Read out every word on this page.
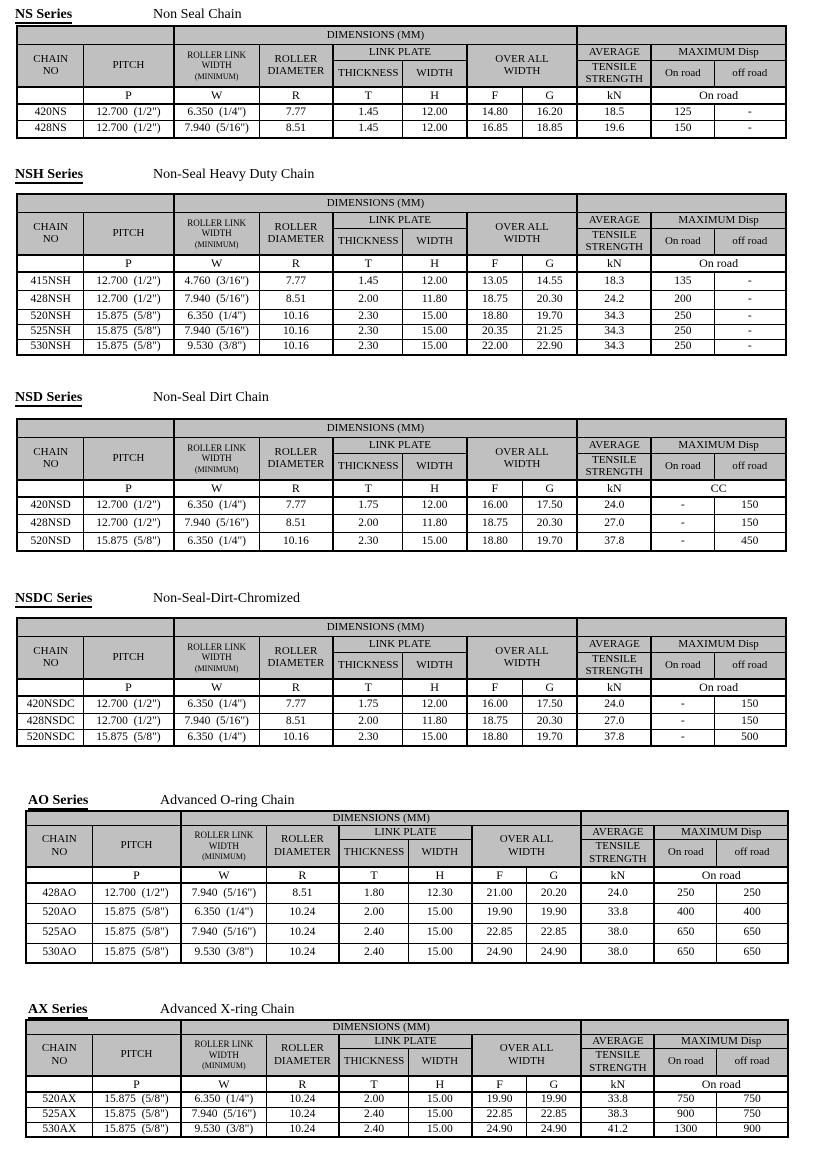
NS Series	Non Seal Chain
		DIMENSIONS (MM)								
CHAIN
NO	PITCH	ROLLER LINK
WIDTH
(MINIMUM)	ROLLER
DIAMETER	LINK PLATE		OVER ALL
WIDTH		AVERAGE	MAXIMUM Disp	
				THICKNESS	WIDTH			TENSILE
STRENGTH		
									On road	off road
	P	W	R	T	H	F	G	kN	On road	
420NS	12.700  (1/2")	6.350  (1/4")	7.77	1.45	12.00	14.80	16.20	18.5	125	-
428NS	12.700  (1/2")	7.940  (5/16")	8.51	1.45	12.00	16.85	18.85	19.6	150	-
NSH Series	Non-Seal Heavy Duty Chain
		DIMENSIONS (MM)								
CHAIN
NO	PITCH	ROLLER LINK
WIDTH
(MINIMUM)	ROLLER
DIAMETER	LINK PLATE		OVER ALL
WIDTH		AVERAGE	MAXIMUM Disp	
				THICKNESS	WIDTH			TENSILE
STRENGTH		
									On road	off road
	P	W	R	T	H	F	G	kN	On road	
415NSH	12.700  (1/2")	4.760  (3/16")	7.77	1.45	12.00	13.05	14.55	18.3	135	-
428NSH	12.700  (1/2")	7.940  (5/16")	8.51	2.00	11.80	18.75	20.30	24.2	200	-
520NSH	15.875  (5/8")	6.350  (1/4")	10.16	2.30	15.00	18.80	19.70	34.3	250	-
525NSH	15.875  (5/8")	7.940  (5/16")	10.16	2.30	15.00	20.35	21.25	34.3	250	-
530NSH	15.875  (5/8")	9.530  (3/8")	10.16	2.30	15.00	22.00	22.90	34.3	250	-
NSD Series	Non-Seal Dirt Chain
		DIMENSIONS (MM)								
CHAIN
NO	PITCH	ROLLER LINK
WIDTH
(MINIMUM)	ROLLER
DIAMETER	LINK PLATE		OVER ALL
WIDTH		AVERAGE	MAXIMUM Disp	
				THICKNESS	WIDTH			TENSILE
STRENGTH		
									On road	off road
	P	W	R	T	H	F	G	kN	CC	
420NSD	12.700  (1/2")	6.350  (1/4")	7.77	1.75	12.00	16.00	17.50	24.0	-	150
428NSD	12.700  (1/2")	7.940  (5/16")	8.51	2.00	11.80	18.75	20.30	27.0	-	150
520NSD	15.875  (5/8")	6.350  (1/4")	10.16	2.30	15.00	18.80	19.70	37.8	-	450
NSDC Series	Non-Seal-Dirt-Chromized
		DIMENSIONS (MM)								
CHAIN
NO	PITCH	ROLLER LINK
WIDTH
(MINIMUM)	ROLLER
DIAMETER	LINK PLATE		OVER ALL
WIDTH		AVERAGE	MAXIMUM Disp	
				THICKNESS	WIDTH			TENSILE
STRENGTH		
									On road	off road
	P	W	R	T	H	F	G	kN	On road	
420NSDC	12.700  (1/2")	6.350  (1/4")	7.77	1.75	12.00	16.00	17.50	24.0	-	150
428NSDC	12.700  (1/2")	7.940  (5/16")	8.51	2.00	11.80	18.75	20.30	27.0	-	150
520NSDC	15.875  (5/8")	6.350  (1/4")	10.16	2.30	15.00	18.80	19.70	37.8	-	500
AO Series	Advanced O-ring Chain
		DIMENSIONS (MM)								
CHAIN
NO	PITCH	ROLLER LINK
WIDTH
(MINIMUM)	ROLLER
DIAMETER	LINK PLATE		OVER ALL
WIDTH		AVERAGE	MAXIMUM Disp	
				THICKNESS	WIDTH			TENSILE
STRENGTH		
									On road	off road
	P	W	R	T	H	F	G	kN	On road	
428AO	12.700  (1/2")	7.940  (5/16")	8.51	1.80	12.30	21.00	20.20	24.0	250	250
520AO	15.875  (5/8")	6.350  (1/4")	10.24	2.00	15.00	19.90	19.90	33.8	400	400
525AO	15.875  (5/8")	7.940  (5/16")	10.24	2.40	15.00	22.85	22.85	38.0	650	650
530AO	15.875  (5/8")	9.530  (3/8")	10.24	2.40	15.00	24.90	24.90	38.0	650	650
AX Series	Advanced X-ring Chain
		DIMENSIONS (MM)								
CHAIN
NO	PITCH	ROLLER LINK
WIDTH
(MINIMUM)	ROLLER
DIAMETER	LINK PLATE		OVER ALL
WIDTH		AVERAGE	MAXIMUM Disp	
				THICKNESS	WIDTH			TENSILE
STRENGTH		
									On road	off road
	P	W	R	T	H	F	G	kN	On road	
520AX	15.875  (5/8")	6.350  (1/4")	10.24	2.00	15.00	19.90	19.90	33.8	750	750
525AX	15.875  (5/8")	7.940  (5/16")	10.24	2.40	15.00	22.85	22.85	38.3	900	750
530AX	15.875  (5/8")	9.530  (3/8")	10.24	2.40	15.00	24.90	24.90	41.2	1300	900
